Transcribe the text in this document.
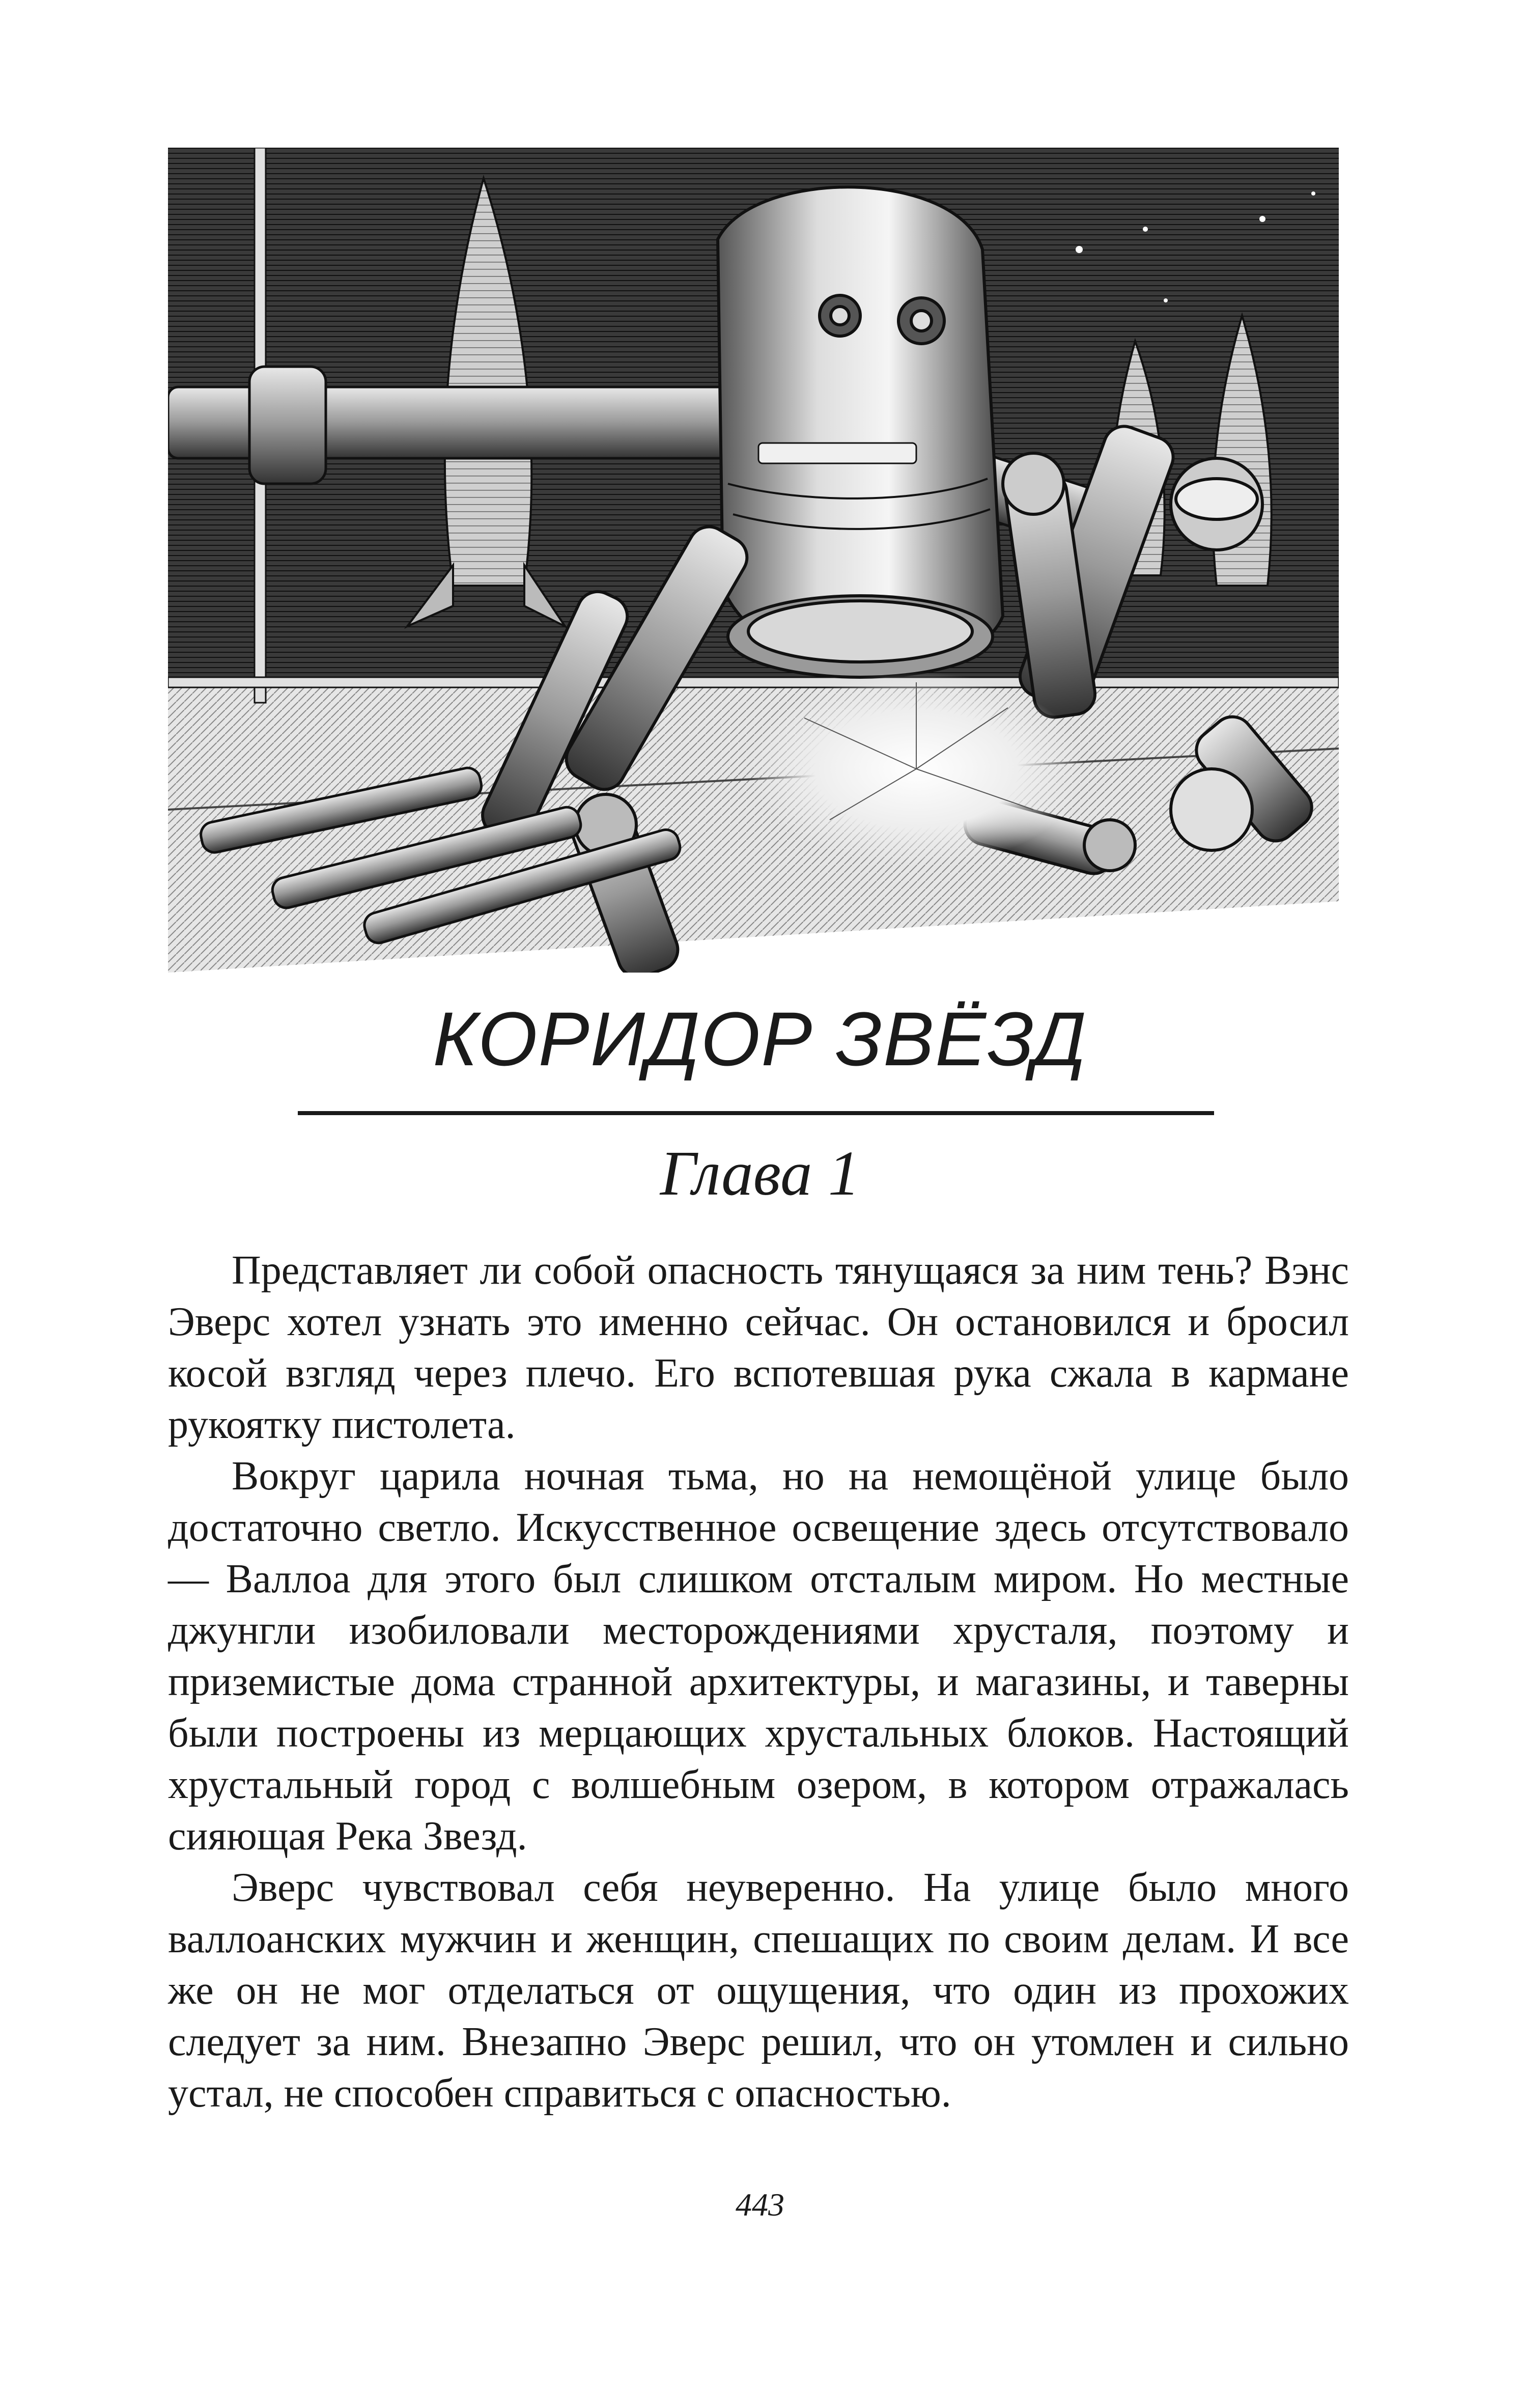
КОРИДОР ЗВЁЗД
Глава 1

Представляет ли собой опасность тянущаяся за ним тень? Вэнс Эверс хотел узнать это именно сейчас. Он остановился и бросил косой взгляд через плечо. Его вспотевшая рука сжала в кармане рукоятку пистолета.

Вокруг царила ночная тьма, но на немощёной улице было достаточно светло. Искусственное освещение здесь отсутствовало — Валлоа для этого был слишком отсталым миром. Но местные джунгли изобиловали месторождениями хрусталя, поэтому и приземистые дома странной архитектуры, и магазины, и таверны были построены из мерцающих хрустальных блоков. Настоящий хрустальный город с волшебным озером, в котором отражалась сияющая Река Звезд.

Эверс чувствовал себя неуверенно. На улице было много валлоанских мужчин и женщин, спешащих по своим делам. И все же он не мог отделаться от ощущения, что один из прохожих следует за ним. Внезапно Эверс решил, что он утомлен и сильно устал, не способен справиться с опасностью.

443
